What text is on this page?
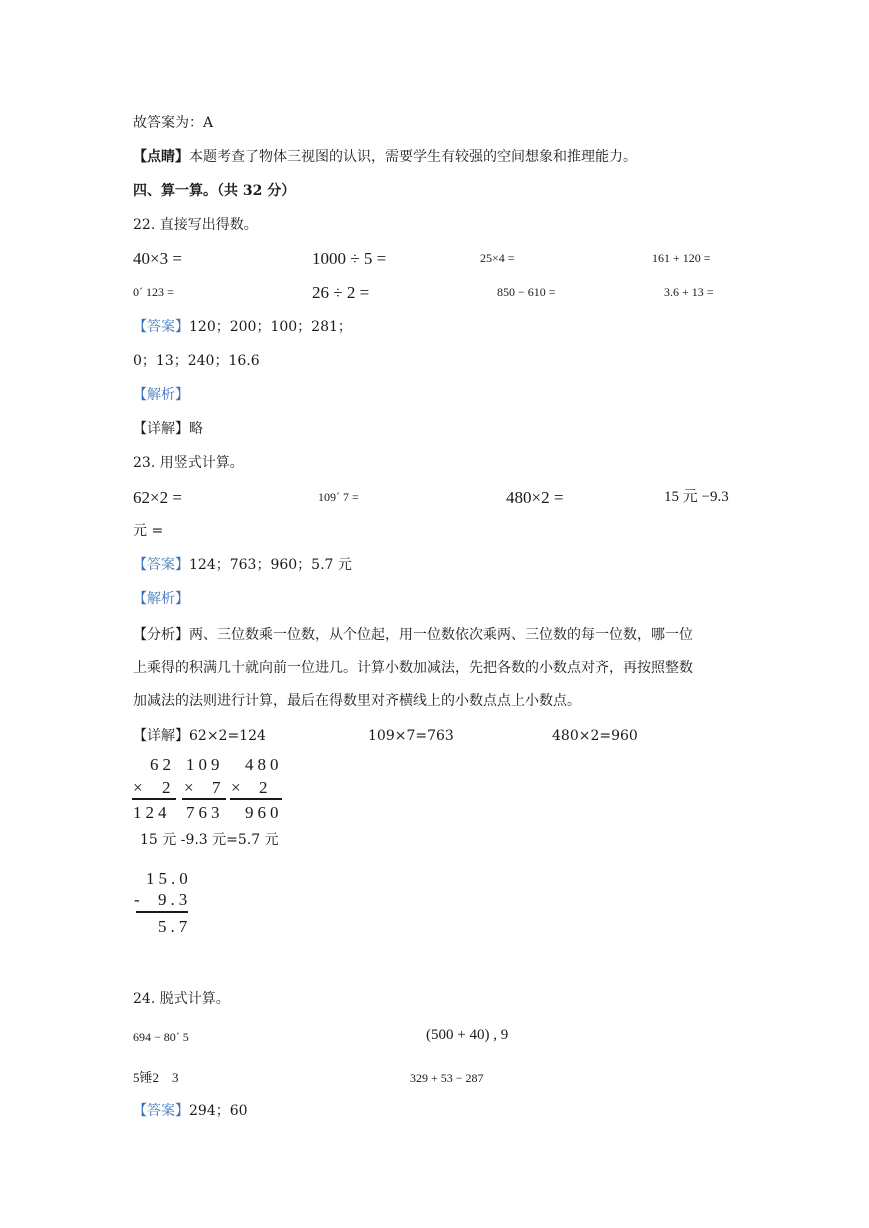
故答案为：A
【点睛】本题考查了物体三视图的认识，需要学生有较强的空间想象和推理能力。
四、算一算。（共 32 分）
22. 直接写出得数。
40×3 =	1000 ÷ 5 =	25×4 =	161 + 120 =
0´ 123 =	26 ÷ 2 =	850 − 610 =	3.6 + 13 =
【答案】120；200；100；281；
0；13；240；16.6
【解析】
【详解】略
23. 用竖式计算。
62×2 =	109´ 7 =	480×2 =	15 元 −9.3
元 =
【答案】124；763；960；5.7 元
【解析】
【分析】两、三位数乘一位数，从个位起，用一位数依次乘两、三位数的每一位数，哪一位
上乘得的积满几十就向前一位进几。计算小数加减法，先把各数的小数点对齐，再按照整数
加减法的法则进行计算，最后在得数里对齐横线上的小数点点上小数点。
【详解】62×2=124	109×7=763	480×2=960
62
× 2
124
109
× 7
763
480
× 2
960
15 元 -9.3 元=5.7 元
15.0
- 9.3
5.7
24. 脱式计算。
694 − 80´ 5	(500 + 40) , 9
5锤2    3	329 + 53 − 287
【答案】294；60
